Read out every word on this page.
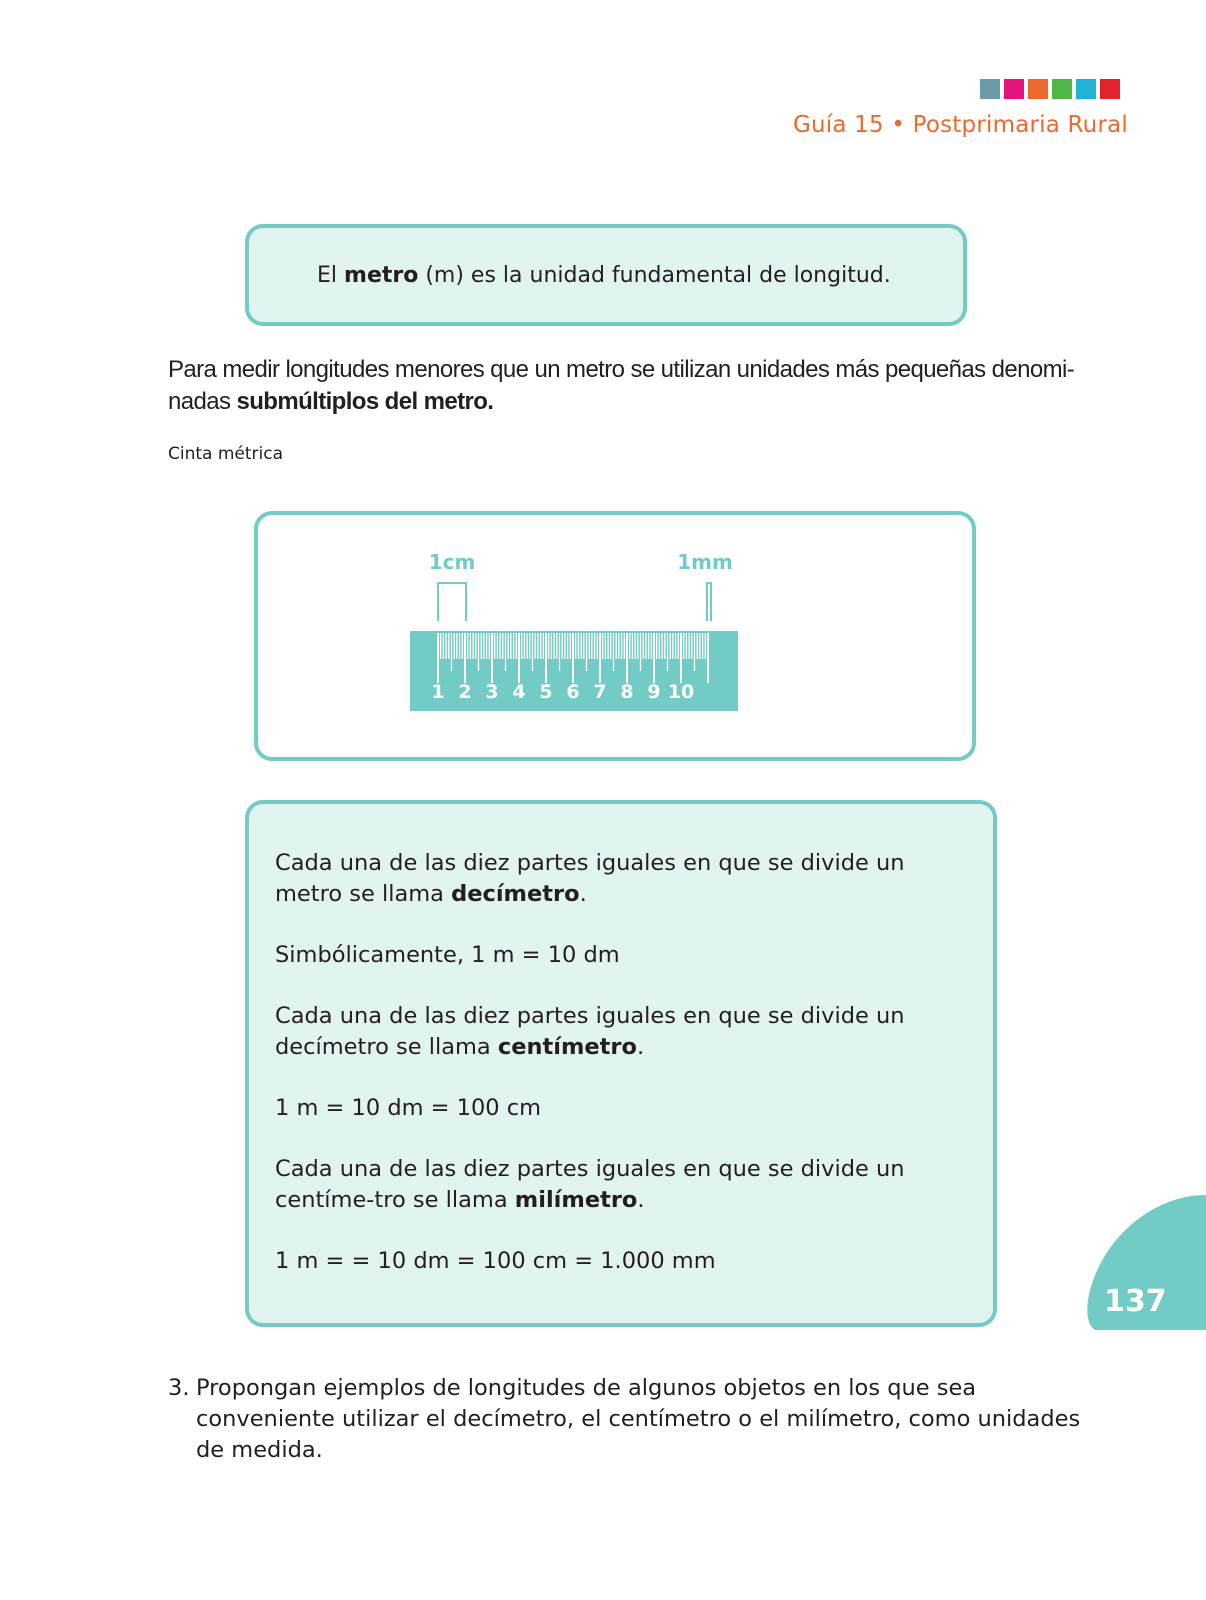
Guía 15 • Postprimaria Rural

El metro (m) es la unidad fundamental de longitud.

Para medir longitudes menores que un metro se utilizan unidades más pequeñas denomi-nadas submúltiplos del metro.
Cinta métrica
1cm	1mm
1 2 3 4 5 6 7 8 9 10

Cada una de las diez partes iguales en que se divide un metro se llama decímetro.

Simbólicamente, 1 m = 10 dm

Cada una de las diez partes iguales en que se divide un decímetro se llama centímetro.

1 m = 10 dm = 100 cm

Cada una de las diez partes iguales en que se divide un centíme-tro se llama milímetro.

1 m = = 10 dm = 100 cm = 1.000 mm

137
3. Propongan ejemplos de longitudes de algunos objetos en los que sea conveniente utilizar el decímetro, el centímetro o el milímetro, como unidades de medida.
